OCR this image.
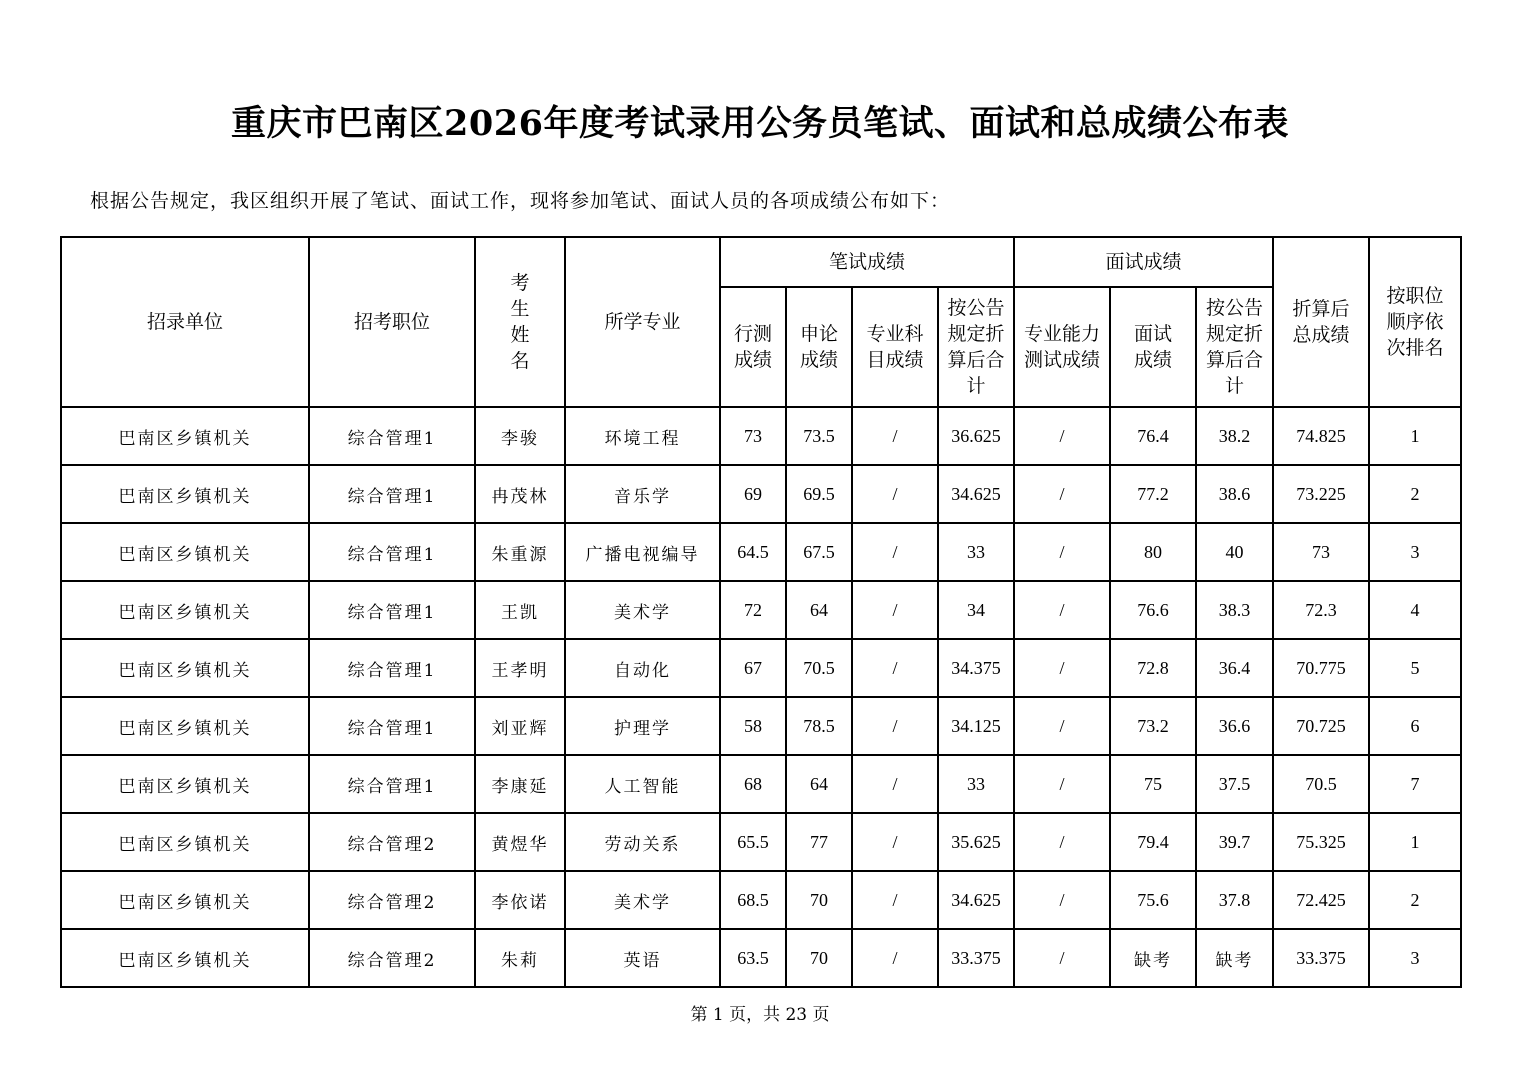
重庆市巴南区2026年度考试录用公务员笔试、面试和总成绩公布表
根据公告规定，我区组织开展了笔试、面试工作，现将参加笔试、面试人员的各项成绩公布如下：
招录单位	招考职位	考生姓名	所学专业	笔试成绩				面试成绩			折算后总成绩	按职位顺序依次排名
				行测成绩	申论成绩	专业科目成绩	按公告规定折算后合计	专业能力测试成绩	面试成绩	按公告规定折算后合计		
巴南区乡镇机关	综合管理1	李骏	环境工程	73	73.5	/	36.625	/	76.4	38.2	74.825	1
巴南区乡镇机关	综合管理1	冉茂林	音乐学	69	69.5	/	34.625	/	77.2	38.6	73.225	2
巴南区乡镇机关	综合管理1	朱重源	广播电视编导	64.5	67.5	/	33	/	80	40	73	3
巴南区乡镇机关	综合管理1	王凯	美术学	72	64	/	34	/	76.6	38.3	72.3	4
巴南区乡镇机关	综合管理1	王孝明	自动化	67	70.5	/	34.375	/	72.8	36.4	70.775	5
巴南区乡镇机关	综合管理1	刘亚辉	护理学	58	78.5	/	34.125	/	73.2	36.6	70.725	6
巴南区乡镇机关	综合管理1	李康延	人工智能	68	64	/	33	/	75	37.5	70.5	7
巴南区乡镇机关	综合管理2	黄煜华	劳动关系	65.5	77	/	35.625	/	79.4	39.7	75.325	1
巴南区乡镇机关	综合管理2	李依诺	美术学	68.5	70	/	34.625	/	75.6	37.8	72.425	2
巴南区乡镇机关	综合管理2	朱莉	英语	63.5	70	/	33.375	/	缺考	缺考	33.375	3
第 1 页，共 23 页
